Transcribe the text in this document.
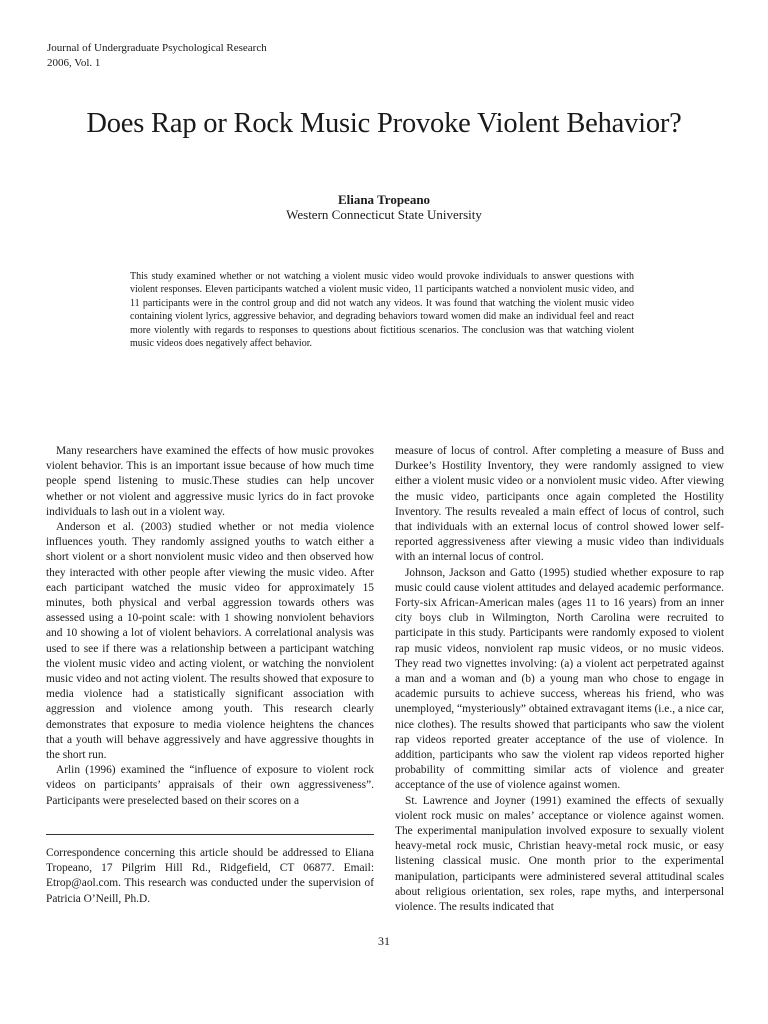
Journal of Undergraduate Psychological Research
2006, Vol. 1
Does Rap or Rock Music Provoke Violent Behavior?
Eliana Tropeano
Western Connecticut State University
This study examined whether or not watching a violent music video would provoke individuals to answer questions with violent responses. Eleven participants watched a violent music video, 11 participants watched a nonviolent music video, and 11 participants were in the control group and did not watch any videos. It was found that watching the violent music video containing violent lyrics, aggressive behavior, and degrading behaviors toward women did make an individual feel and react more violently with regards to responses to questions about fictitious scenarios. The conclusion was that watching violent music videos does negatively affect behavior.

Many researchers have examined the effects of how music provokes violent behavior. This is an important issue because of how much time people spend listening to music.These studies can help uncover whether or not violent and aggressive music lyrics do in fact provoke individuals to lash out in a violent way.

Anderson et al. (2003) studied whether or not media violence influences youth. They randomly assigned youths to watch either a short violent or a short nonviolent music video and then observed how they interacted with other people after viewing the music video. After each participant watched the music video for approximately 15 minutes, both physical and verbal aggression towards others was assessed using a 10-point scale: with 1 showing nonviolent behaviors and 10 showing a lot of violent behaviors. A correlational analysis was used to see if there was a relationship between a participant watching the violent music video and acting violent, or watching the nonviolent music video and not acting violent. The results showed that exposure to media violence had a statistically significant association with aggression and violence among youth. This research clearly demonstrates that exposure to media violence heightens the chances that a youth will behave aggressively and have aggressive thoughts in the short run.

Arlin (1996) examined the “influence of exposure to violent rock videos on participants’ appraisals of their own aggressiveness”. Participants were preselected based on their scores on a

measure of locus of control. After completing a measure of Buss and Durkee’s Hostility Inventory, they were randomly assigned to view either a violent music video or a nonviolent music video. After viewing the music video, participants once again completed the Hostility Inventory. The results revealed a main effect of locus of control, such that individuals with an external locus of control showed lower self-reported aggressiveness after viewing a music video than individuals with an internal locus of control.

Johnson, Jackson and Gatto (1995) studied whether exposure to rap music could cause violent attitudes and delayed academic performance. Forty-six African-American males (ages 11 to 16 years) from an inner city boys club in Wilmington, North Carolina were recruited to participate in this study. Participants were randomly exposed to violent rap music videos, nonviolent rap music videos, or no music videos. They read two vignettes involving: (a) a violent act perpetrated against a man and a woman and (b) a young man who chose to engage in academic pursuits to achieve success, whereas his friend, who was unemployed, “mysteriously” obtained extravagant items (i.e., a nice car, nice clothes). The results showed that participants who saw the violent rap videos reported greater acceptance of the use of violence. In addition, participants who saw the violent rap videos reported higher probability of committing similar acts of violence and greater acceptance of the use of violence against women.

St. Lawrence and Joyner (1991) examined the effects of sexually violent rock music on males’ acceptance or violence against women. The experimental manipulation involved exposure to sexually violent heavy-metal rock music, Christian heavy-metal rock music, or easy listening classical music. One month prior to the experimental manipulation, participants were administered several attitudinal scales about religious orientation, sex roles, rape myths, and interpersonal violence. The results indicated that

Correspondence concerning this article should be addressed to Eliana Tropeano, 17 Pilgrim Hill Rd., Ridgefield, CT 06877. Email: Etrop@aol.com. This research was conducted under the supervision of Patricia O’Neill, Ph.D.
31
